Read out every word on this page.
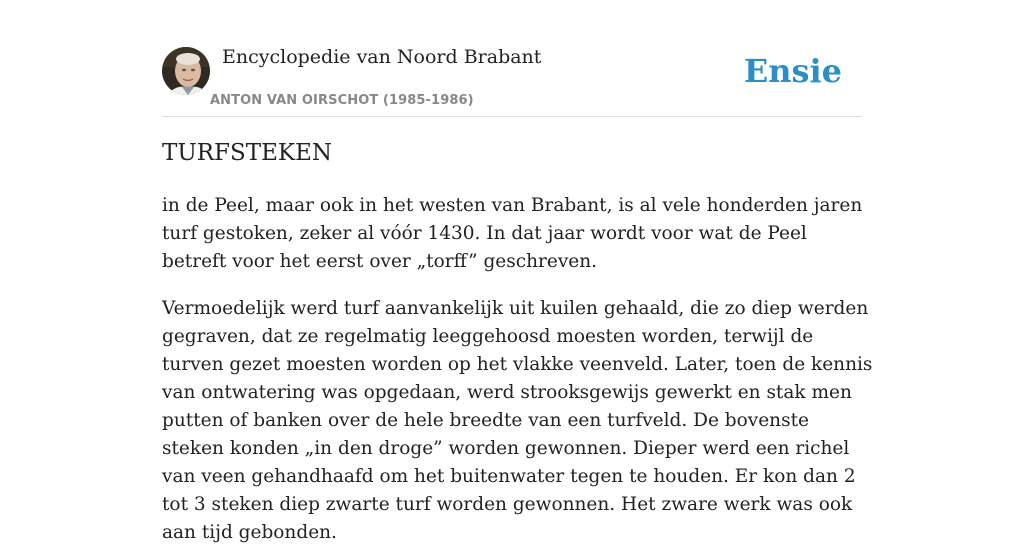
Encyclopedie van Noord Brabant
ANTON VAN OIRSCHOT (1985-1986)
Ensie
TURFSTEKEN

in de Peel, maar ook in het westen van Brabant, is al vele honderden jaren turf gestoken, zeker al vóór 1430. In dat jaar wordt voor wat de Peel betreft voor het eerst over „torff” geschreven.

Vermoedelijk werd turf aanvankelijk uit kuilen gehaald, die zo diep werden gegraven, dat ze regelmatig leeggehoosd moesten worden, terwijl de turven gezet moesten worden op het vlakke veenveld. Later, toen de kennis van ontwatering was opgedaan, werd strooksgewijs gewerkt en stak men putten of banken over de hele breedte van een turfveld. De bovenste steken konden „in den droge” worden gewonnen. Dieper werd een richel van veen gehandhaafd om het buitenwater tegen te houden. Er kon dan 2 tot 3 steken diep zwarte turf worden gewonnen. Het zware werk was ook aan tijd gebonden.
